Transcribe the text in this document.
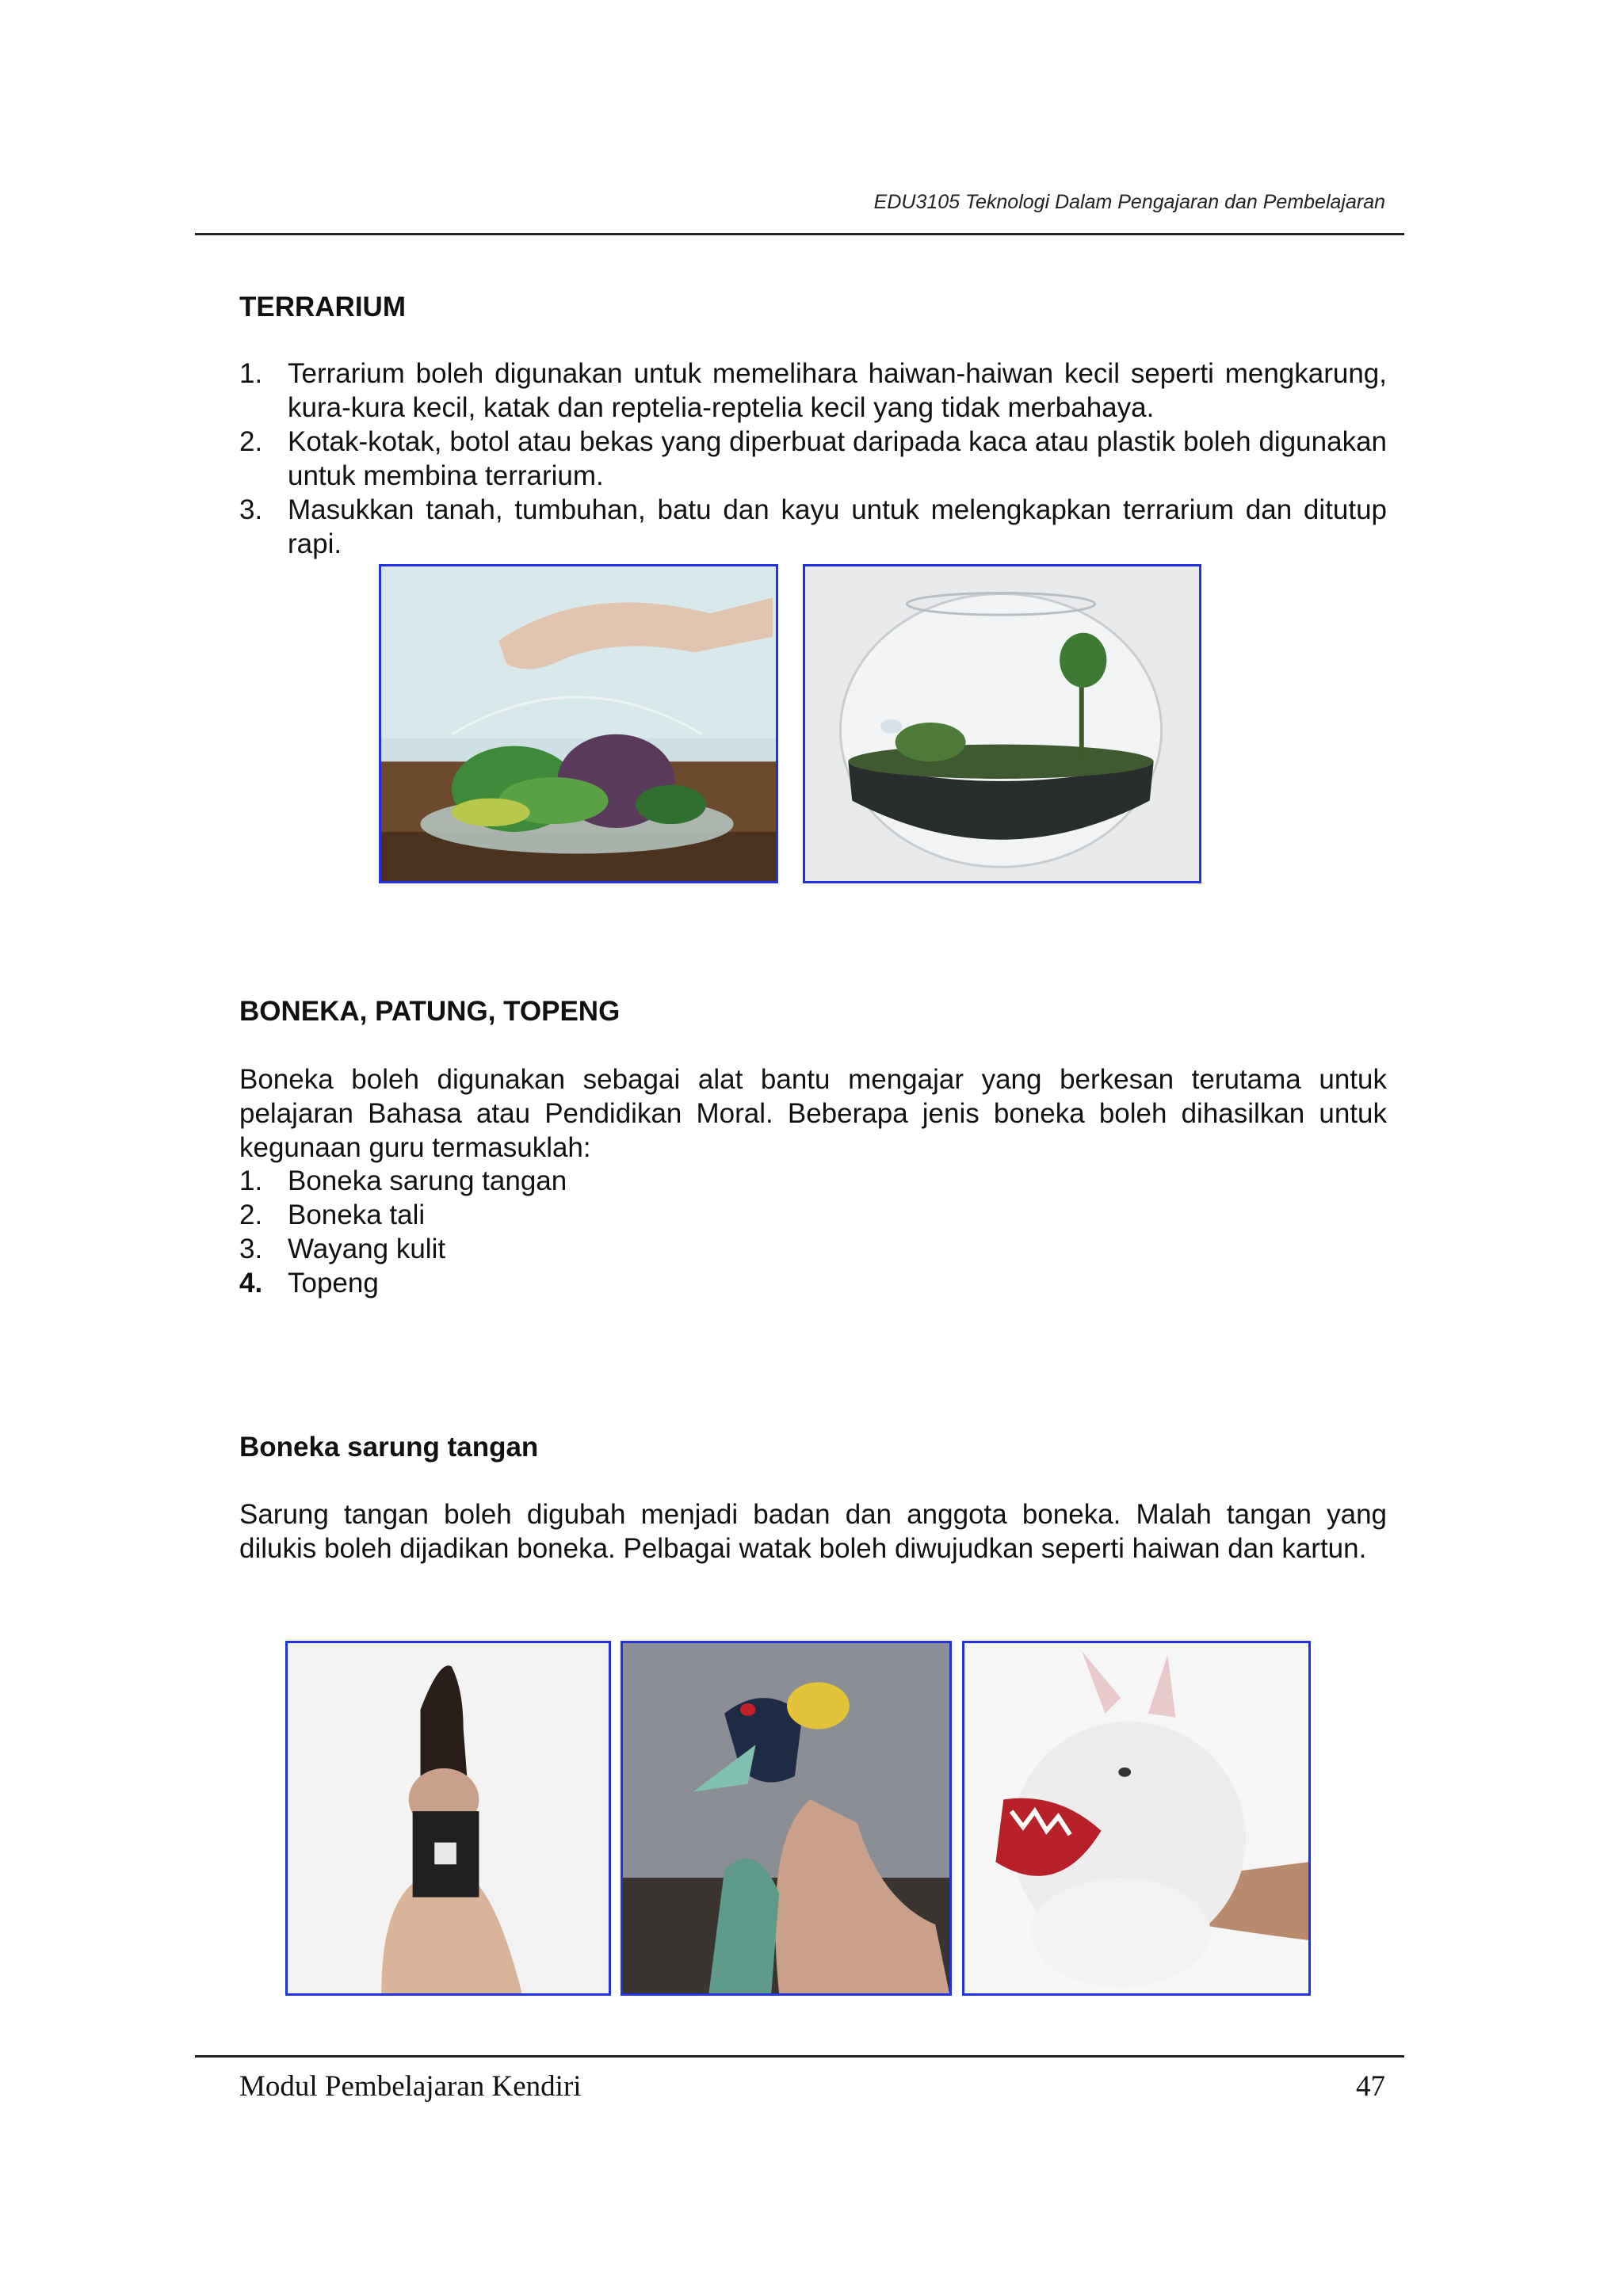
EDU3105 Teknologi Dalam Pengajaran dan Pembelajaran
TERRARIUM
1. Terrarium boleh digunakan untuk memelihara haiwan-haiwan kecil seperti mengkarung, kura-kura kecil, katak dan reptelia-reptelia kecil yang tidak merbahaya.
2. Kotak-kotak, botol atau bekas yang diperbuat daripada kaca atau plastik boleh digunakan untuk membina terrarium.
3. Masukkan tanah, tumbuhan, batu dan kayu untuk melengkapkan terrarium dan ditutup rapi.
BONEKA, PATUNG, TOPENG
Boneka boleh digunakan sebagai alat bantu mengajar yang berkesan terutama untuk pelajaran Bahasa atau Pendidikan Moral. Beberapa jenis boneka boleh dihasilkan untuk kegunaan guru termasuklah:
1. Boneka sarung tangan
2. Boneka tali
3. Wayang kulit
4. Topeng
Boneka sarung tangan
Sarung tangan boleh digubah menjadi badan dan anggota boneka. Malah tangan yang dilukis boleh dijadikan boneka. Pelbagai watak boleh diwujudkan seperti haiwan dan kartun.
Modul Pembelajaran Kendiri	47
